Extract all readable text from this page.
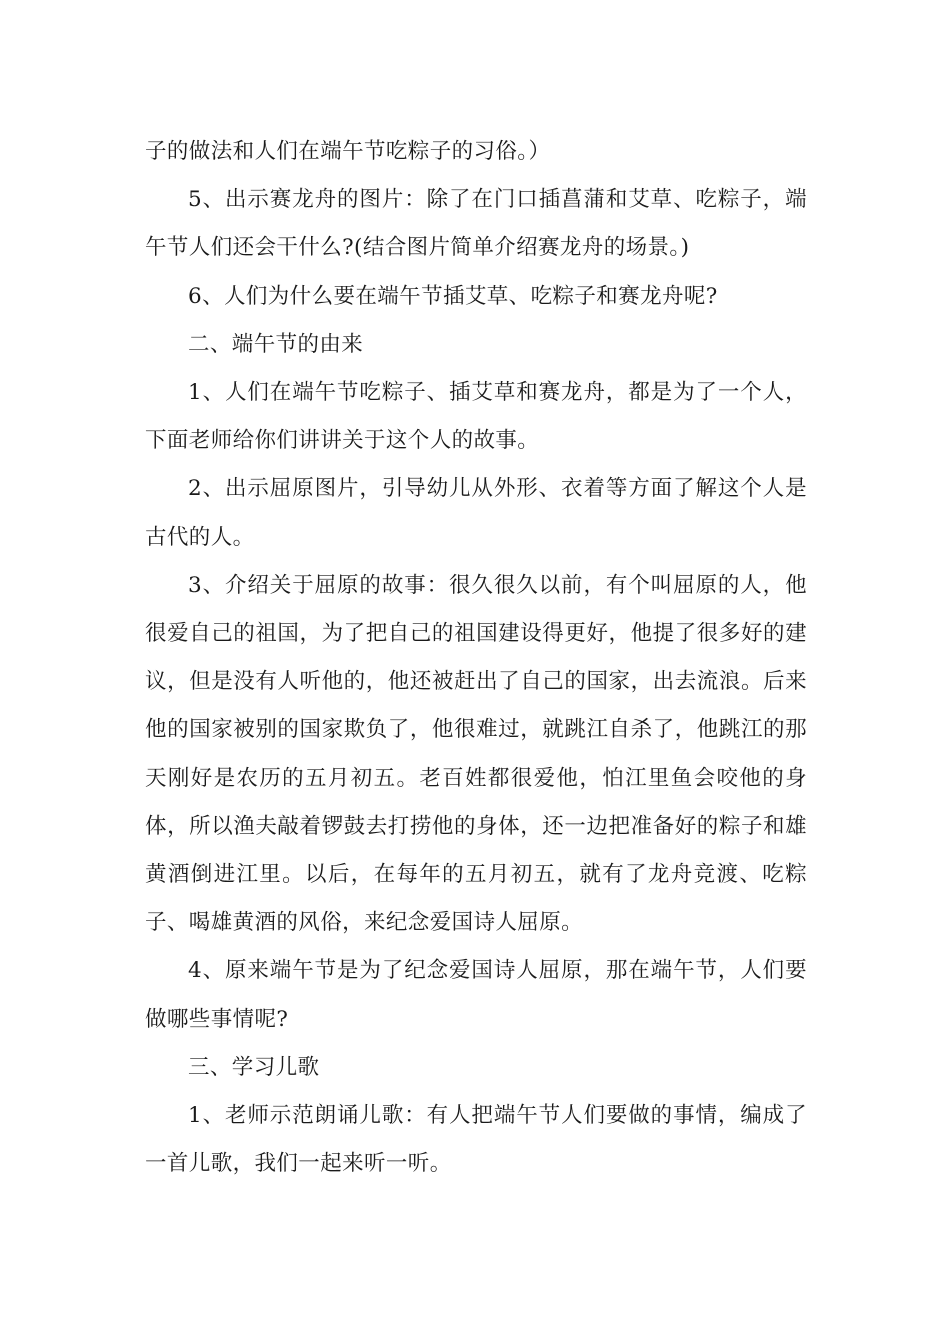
子的做法和人们在端午节吃粽子的习俗。）

5、出示赛龙舟的图片：除了在门口插菖蒲和艾草、吃粽子，端午节人们还会干什么?(结合图片简单介绍赛龙舟的场景。)

6、人们为什么要在端午节插艾草、吃粽子和赛龙舟呢?

二、端午节的由来

1、人们在端午节吃粽子、插艾草和赛龙舟，都是为了一个人，下面老师给你们讲讲关于这个人的故事。

2、出示屈原图片，引导幼儿从外形、衣着等方面了解这个人是古代的人。

3、介绍关于屈原的故事：很久很久以前，有个叫屈原的人，他很爱自己的祖国，为了把自己的祖国建设得更好，他提了很多好的建议，但是没有人听他的，他还被赶出了自己的国家，出去流浪。后来他的国家被别的国家欺负了，他很难过，就跳江自杀了，他跳江的那天刚好是农历的五月初五。老百姓都很爱他，怕江里鱼会咬他的身体，所以渔夫敲着锣鼓去打捞他的身体，还一边把准备好的粽子和雄黄酒倒进江里。以后，在每年的五月初五，就有了龙舟竞渡、吃粽子、喝雄黄酒的风俗，来纪念爱国诗人屈原。

4、原来端午节是为了纪念爱国诗人屈原，那在端午节，人们要做哪些事情呢?

三、学习儿歌

1、老师示范朗诵儿歌：有人把端午节人们要做的事情，编成了一首儿歌，我们一起来听一听。
